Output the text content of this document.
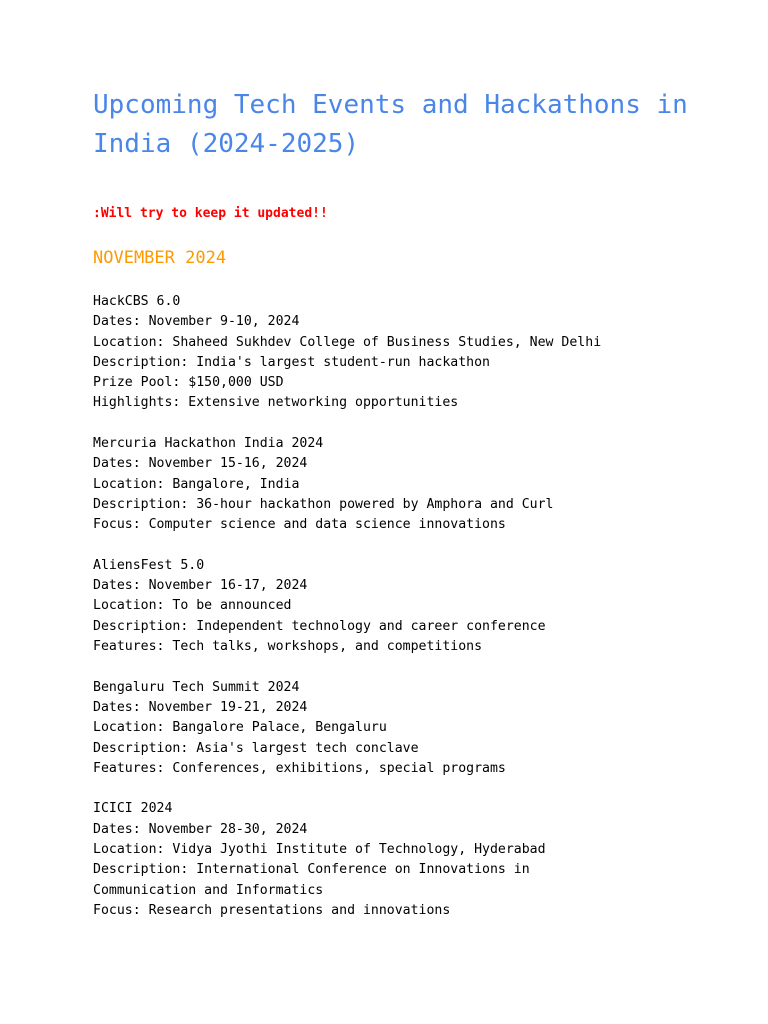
Upcoming Tech Events and Hackathons in India (2024-2025)
:Will try to keep it updated!!
NOVEMBER 2024
HackCBS 6.0
Dates: November 9-10, 2024
Location: Shaheed Sukhdev College of Business Studies, New Delhi
Description: India's largest student-run hackathon
Prize Pool: $150,000 USD
Highlights: Extensive networking opportunities
Mercuria Hackathon India 2024
Dates: November 15-16, 2024
Location: Bangalore, India
Description: 36-hour hackathon powered by Amphora and Curl
Focus: Computer science and data science innovations
AliensFest 5.0
Dates: November 16-17, 2024
Location: To be announced
Description: Independent technology and career conference
Features: Tech talks, workshops, and competitions
Bengaluru Tech Summit 2024
Dates: November 19-21, 2024
Location: Bangalore Palace, Bengaluru
Description: Asia's largest tech conclave
Features: Conferences, exhibitions, special programs
ICICI 2024
Dates: November 28-30, 2024
Location: Vidya Jyothi Institute of Technology, Hyderabad
Description: International Conference on Innovations in
Communication and Informatics
Focus: Research presentations and innovations
